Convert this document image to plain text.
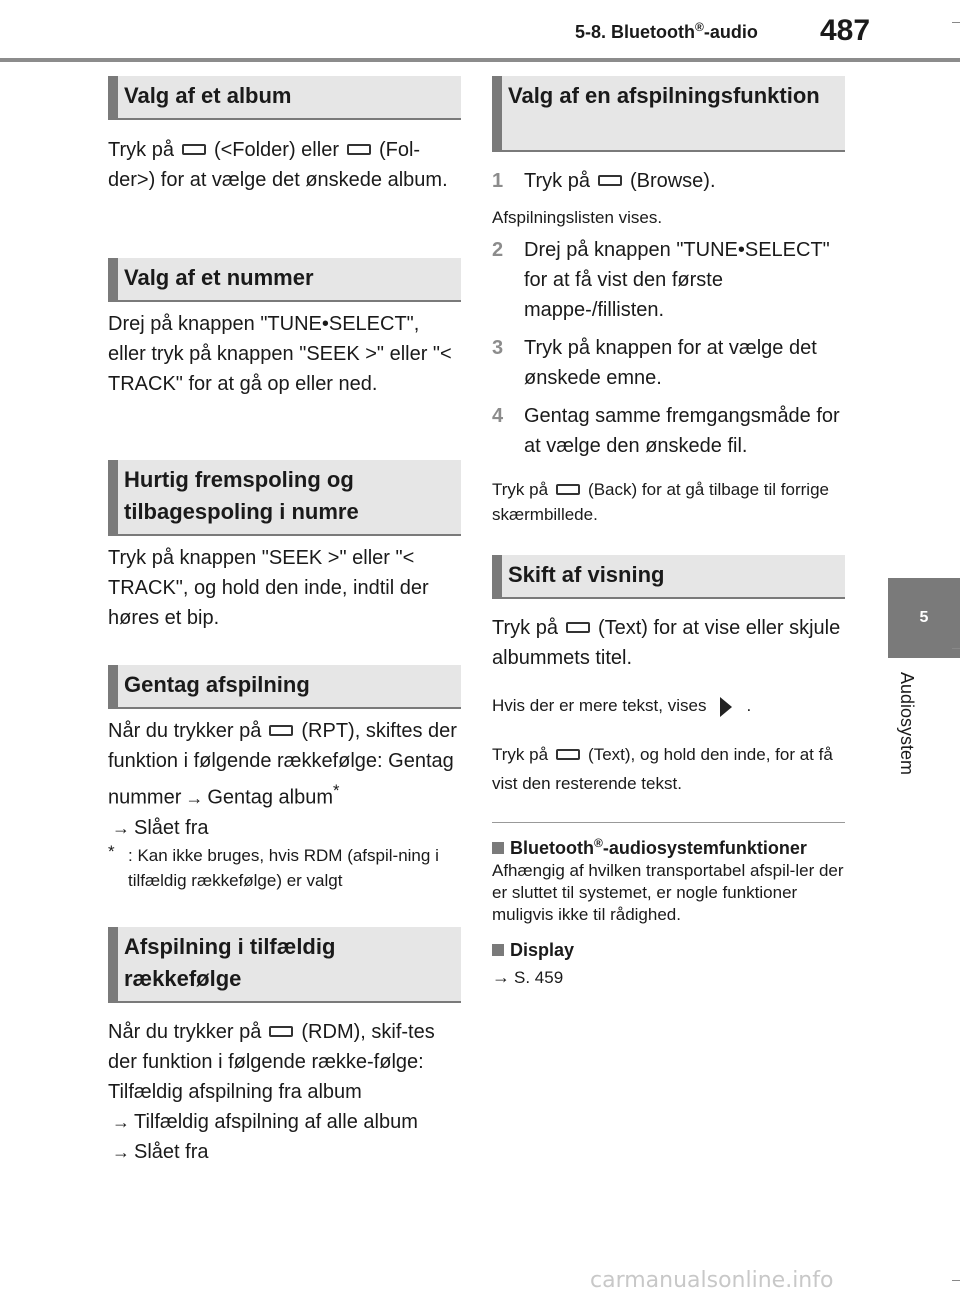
5-8. Bluetooth®-audio 487
5
Audiosystem
Valg af et album
Tryk på (<Folder) eller (Fol-der>) for at vælge det ønskede album.
Valg af et nummer
Drej på knappen "TUNE•SELECT", eller tryk på knappen "SEEK >" eller "< TRACK" for at gå op eller ned.
Hurtig fremspoling og tilbagespoling i numre
Tryk på knappen "SEEK >" eller "< TRACK", og hold den inde, indtil der høres et bip.
Gentag afspilning
Når du trykker på (RPT), skiftes der funktion i følgende rækkefølge: Gentag nummer → Gentag album*
→ Slået fra
* : Kan ikke bruges, hvis RDM (afspil-ning i tilfældig rækkefølge) er valgt
Afspilning i tilfældig rækkefølge
Når du trykker på (RDM), skif-tes der funktion i følgende række-følge: Tilfældig afspilning fra album
→ Tilfældig afspilning af alle album
→ Slået fra
Valg af en afspilningsfunktion
1 Tryk på (Browse).
Afspilningslisten vises.
2 Drej på knappen "TUNE•SELECT" for at få vist den første mappe-/fillisten.
3 Tryk på knappen for at vælge det ønskede emne.
4 Gentag samme fremgangsmåde for at vælge den ønskede fil.
Tryk på (Back) for at gå tilbage til forrige skærmbillede.
Skift af visning
Tryk på (Text) for at vise eller skjule albummets titel.
Hvis der er mere tekst, vises .
Tryk på (Text), og hold den inde, for at få vist den resterende tekst.
Bluetooth®-audiosystemfunktioner
Afhængig af hvilken transportabel afspil-ler der er sluttet til systemet, er nogle funktioner muligvis ikke til rådighed.
Display
→ S. 459
carmanualsonline.info
